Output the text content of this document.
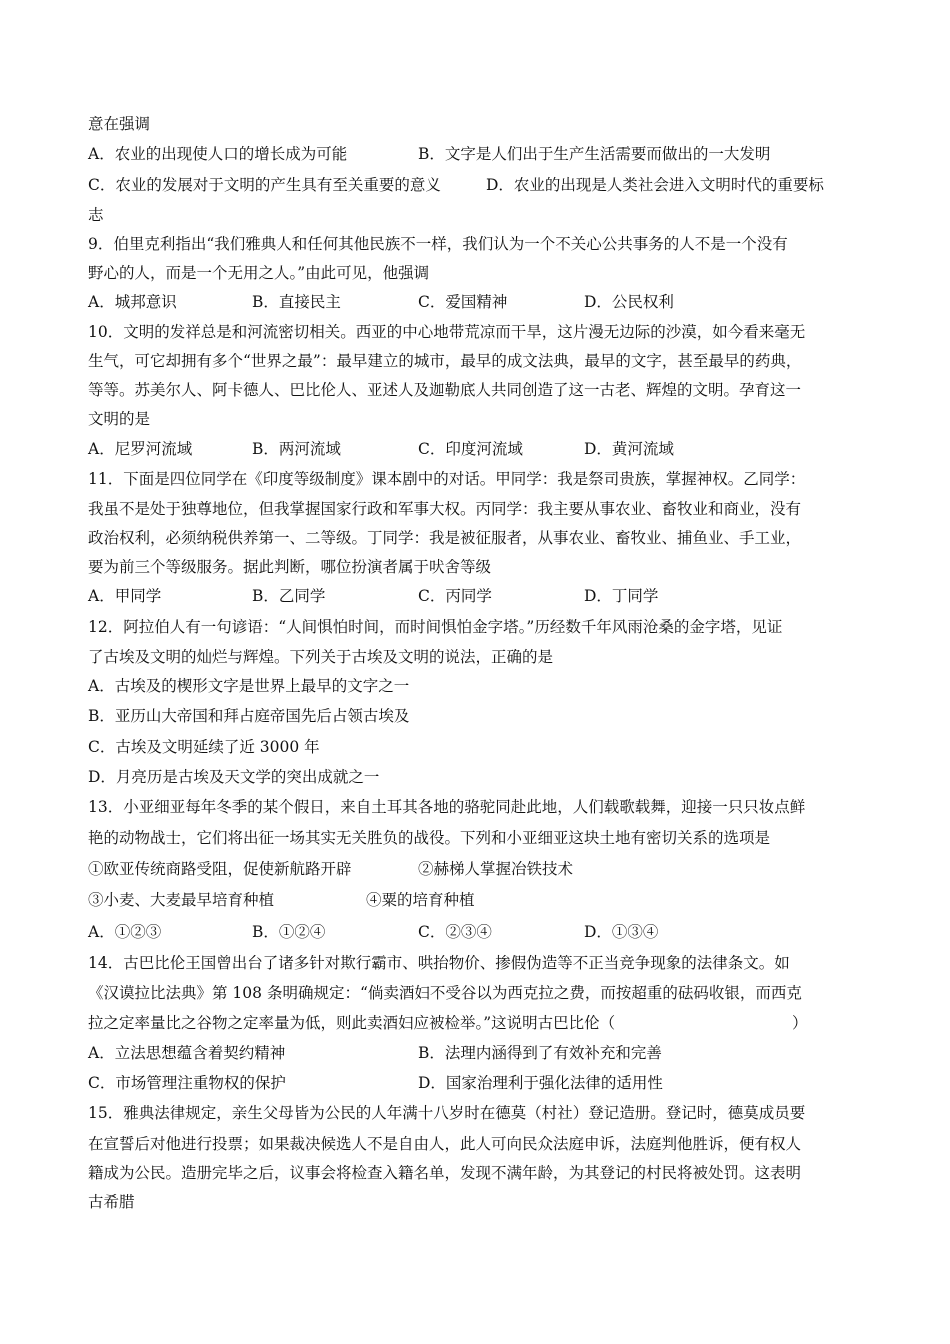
意在强调
A．农业的出现使人口的增长成为可能	B．文字是人们出于生产生活需要而做出的一大发明
C．农业的发展对于文明的产生具有至关重要的意义	D．农业的出现是人类社会进入文明时代的重要标
志
9．伯里克利指出“我们雅典人和任何其他民族不一样，我们认为一个不关心公共事务的人不是一个没有
野心的人，而是一个无用之人。”由此可见，他强调
A．城邦意识	B．直接民主	C．爱国精神	D．公民权利
10．文明的发祥总是和河流密切相关。西亚的中心地带荒凉而干旱，这片漫无边际的沙漠，如今看来毫无
生气，可它却拥有多个“世界之最”：最早建立的城市，最早的成文法典，最早的文字，甚至最早的药典，
等等。苏美尔人、阿卡德人、巴比伦人、亚述人及迦勒底人共同创造了这一古老、辉煌的文明。孕育这一
文明的是
A．尼罗河流域	B．两河流域	C．印度河流域	D．黄河流域
11．下面是四位同学在《印度等级制度》课本剧中的对话。甲同学：我是祭司贵族，掌握神权。乙同学：
我虽不是处于独尊地位，但我掌握国家行政和军事大权。丙同学：我主要从事农业、畜牧业和商业，没有
政治权利，必须纳税供养第一、二等级。丁同学：我是被征服者，从事农业、畜牧业、捕鱼业、手工业，
要为前三个等级服务。据此判断，哪位扮演者属于吠舍等级
A．甲同学	B．乙同学	C．丙同学	D．丁同学
12．阿拉伯人有一句谚语：“人间惧怕时间，而时间惧怕金字塔。”历经数千年风雨沧桑的金字塔，见证
了古埃及文明的灿烂与辉煌。下列关于古埃及文明的说法，正确的是
A．古埃及的楔形文字是世界上最早的文字之一
B．亚历山大帝国和拜占庭帝国先后占领古埃及
C．古埃及文明延续了近 3000 年
D．月亮历是古埃及天文学的突出成就之一
13．小亚细亚每年冬季的某个假日，来自土耳其各地的骆驼同赴此地，人们载歌载舞，迎接一只只妆点鲜
艳的动物战士，它们将出征一场其实无关胜负的战役。下列和小亚细亚这块土地有密切关系的选项是
①欧亚传统商路受阻，促使新航路开辟	②赫梯人掌握冶铁技术
③小麦、大麦最早培育种植	④粟的培育种植
A．①②③	B．①②④	C．②③④	D．①③④
14．古巴比伦王国曾出台了诸多针对欺行霸市、哄抬物价、掺假伪造等不正当竞争现象的法律条文。如
《汉谟拉比法典》第 108 条明确规定：“倘卖酒妇不受谷以为西克拉之费，而按超重的砝码收银，而西克
拉之定率量比之谷物之定率量为低，则此卖酒妇应被检举。”这说明古巴比伦（	）
A．立法思想蕴含着契约精神	B．法理内涵得到了有效补充和完善
C．市场管理注重物权的保护	D．国家治理利于强化法律的适用性
15．雅典法律规定，亲生父母皆为公民的人年满十八岁时在德莫（村社）登记造册。登记时，德莫成员要
在宣誓后对他进行投票；如果裁决候选人不是自由人，此人可向民众法庭申诉，法庭判他胜诉，便有权人
籍成为公民。造册完毕之后，议事会将检查入籍名单，发现不满年龄，为其登记的村民将被处罚。这表明
古希腊
